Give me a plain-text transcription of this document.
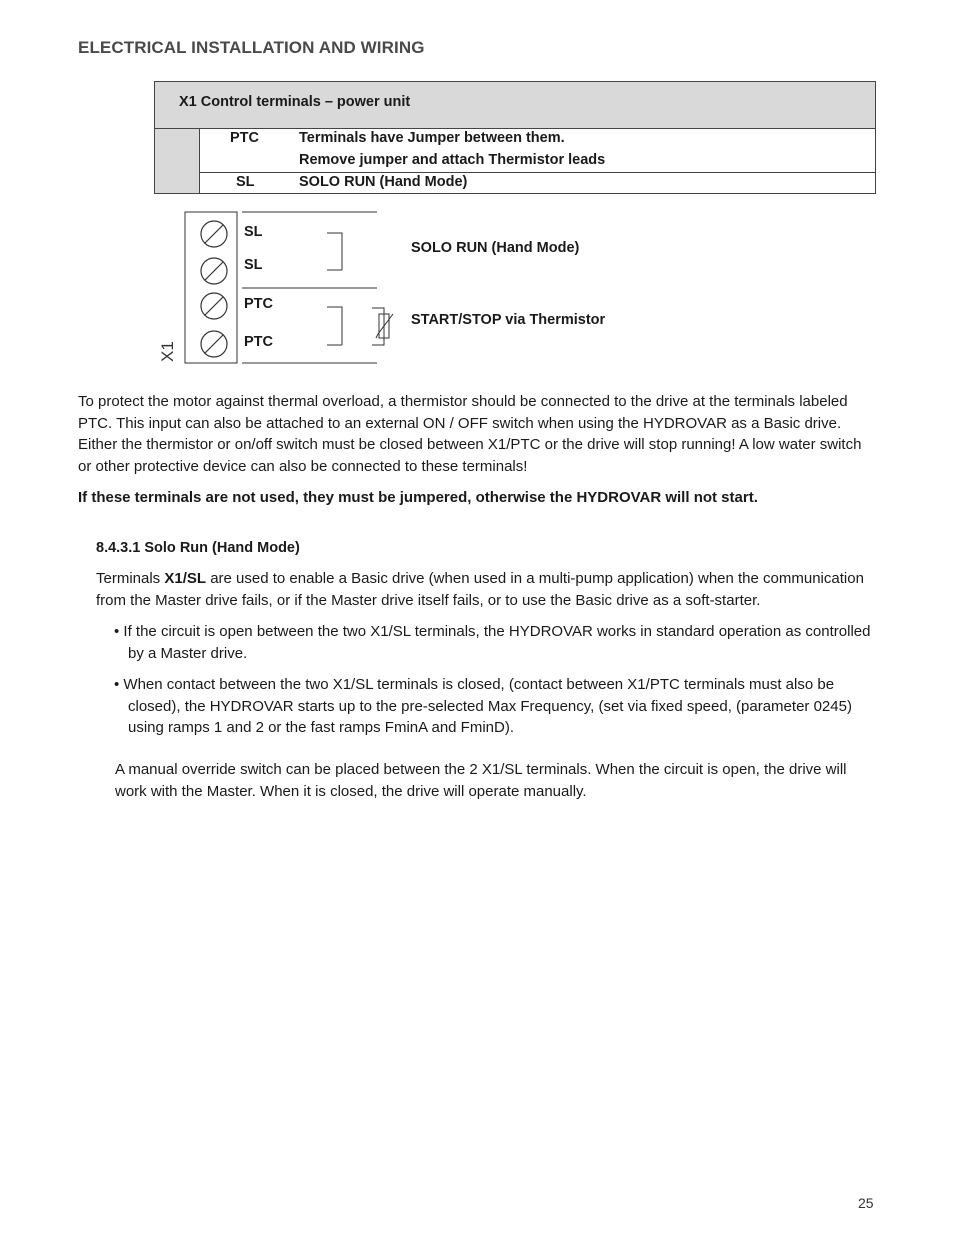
ELECTRICAL INSTALLATION AND WIRING
X1 Control terminals – power unit
PTC	Terminals have Jumper between them.
Remove jumper and attach Thermistor leads
SL	SOLO RUN (Hand Mode)
SL
SL
PTC
PTC
SOLO RUN (Hand Mode)
START/STOP via Thermistor
X1
To protect the motor against thermal overload, a thermistor should be connected to the drive at the terminals labeled PTC. This input can also be attached to an external ON / OFF switch when using the HYDROVAR as a Basic drive. Either the thermistor or on/off switch must be closed between X1/PTC or the drive will stop running! A low water switch or other protective device can also be connected to these terminals!
If these terminals are not used, they must be jumpered, otherwise the HYDROVAR will not start.
8.4.3.1 Solo Run (Hand Mode)
Terminals X1/SL are used to enable a Basic drive (when used in a multi-pump application) when the communication from the Master drive fails, or if the Master drive itself fails, or to use the Basic drive as a soft-starter.
• If the circuit is open between the two X1/SL terminals, the HYDROVAR works in standard operation as controlled by a Master drive.
• When contact between the two X1/SL terminals is closed, (contact between X1/PTC terminals must also be closed), the HYDROVAR starts up to the pre-selected Max Frequency, (set via fixed speed, (parameter 0245) using ramps 1 and 2 or the fast ramps FminA and FminD).
A manual override switch can be placed between the 2 X1/SL terminals. When the circuit is open, the drive will work with the Master. When it is closed, the drive will operate manually.
25
